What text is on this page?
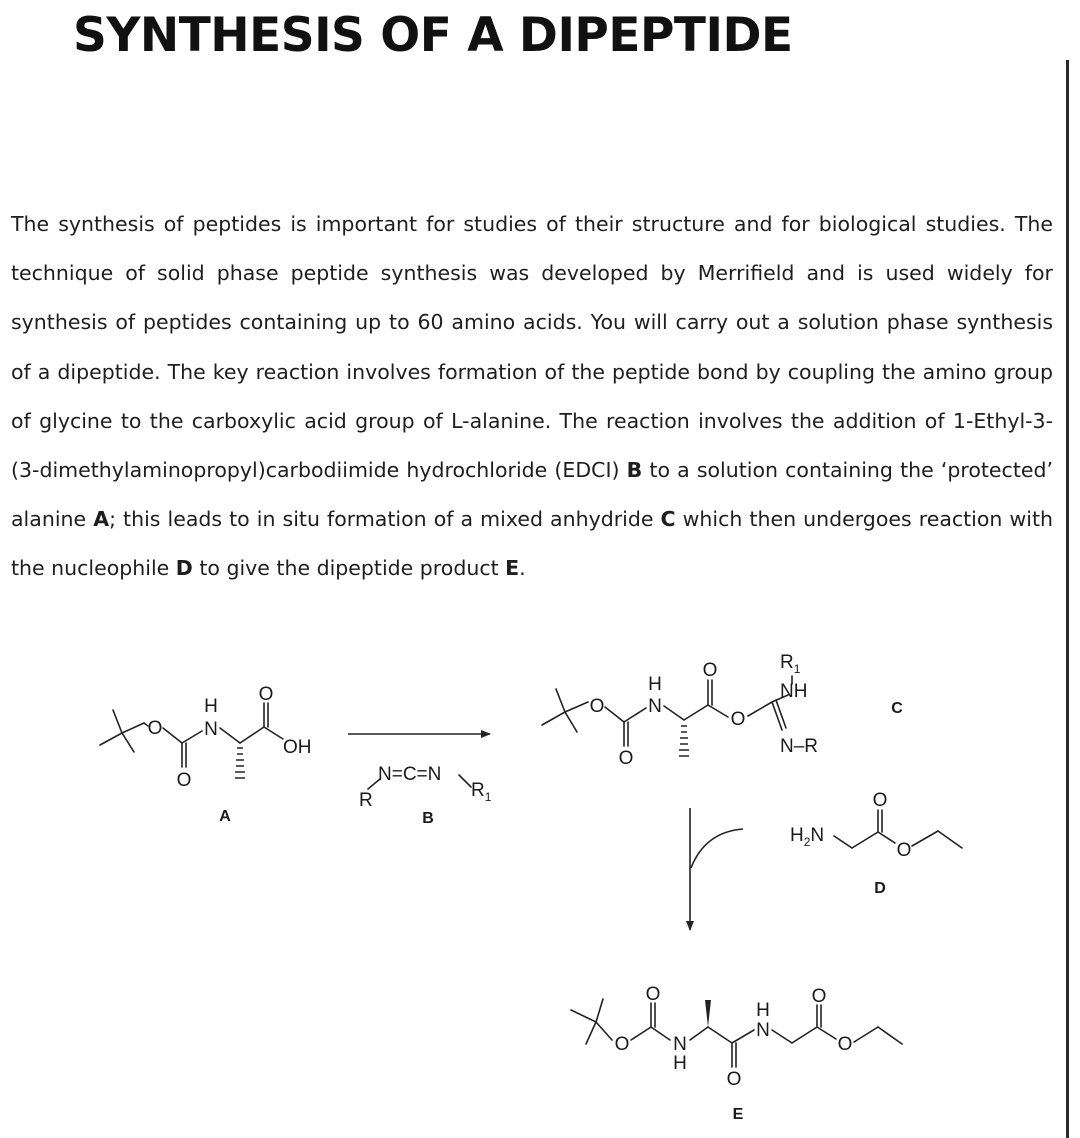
SYNTHESIS OF A DIPEPTIDE

The synthesis of peptides is important for studies of their structure and for biological studies. The technique of solid phase peptide synthesis was developed by Merrifield and is used widely for synthesis of peptides containing up to 60 amino acids. You will carry out a solution phase synthesis of a dipeptide. The key reaction involves formation of the peptide bond by coupling the amino group of glycine to the carboxylic acid group of L-alanine. The reaction involves the addition of 1-Ethyl-3-(3-dimethylaminopropyl)carbodiimide hydrochloride (EDCI) B to a solution containing the ‘protected’ alanine A; this leads to in situ formation of a mixed anhydride C which then undergoes reaction with the nucleophile D to give the dipeptide product E.

O
O
H
N
O
OH
A
R
N=C=N
$R_1$
B
O
O
H
N
O
O
$R_1$
NH
N–R
C
$H_2N$
O
O
D
O
O
N
H
O
H
N
O
O
E
